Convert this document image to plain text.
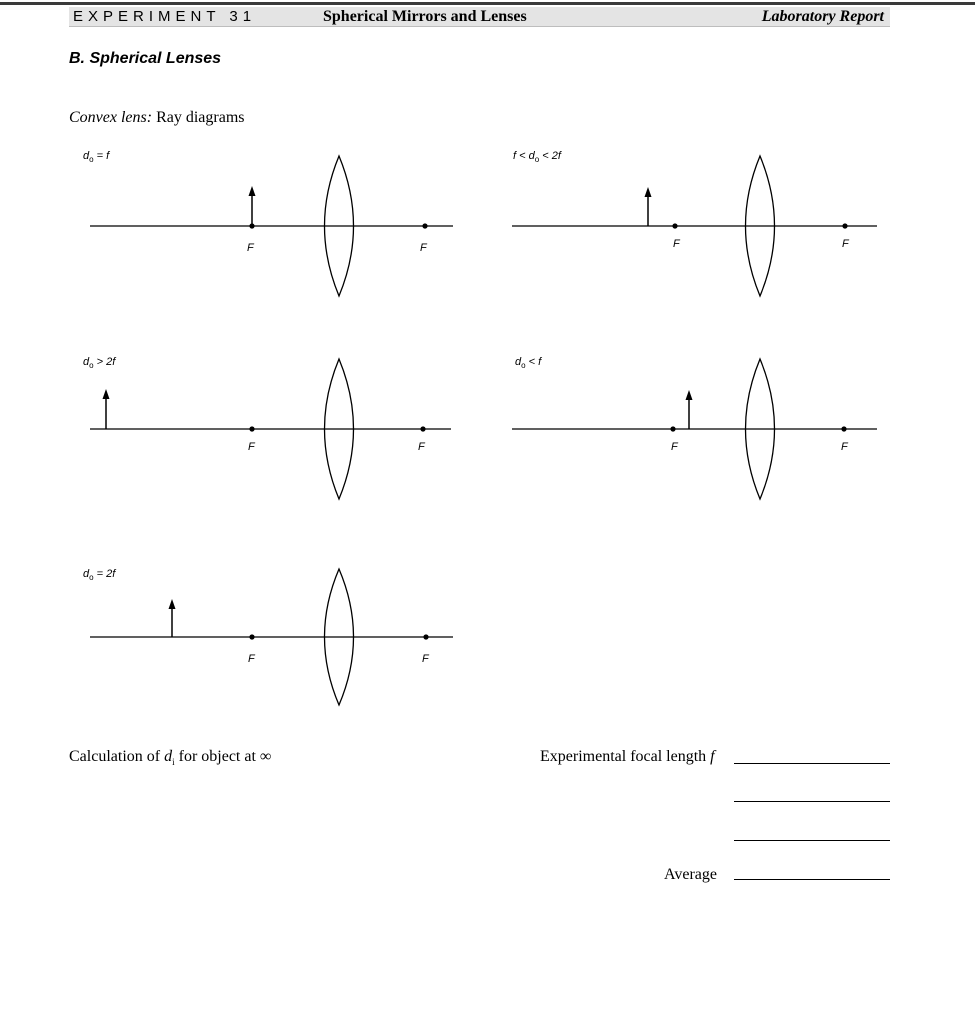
EXPERIMENT 31	Spherical Mirrors and Lenses	Laboratory Report
B. Spherical Lenses
Convex lens: Ray diagrams
$d_o = f$
F	F
$f < d_o < 2f$
F	F
$d_o > 2f$
F	F
$d_o < f$
F	F
$d_o = 2f$
F	F
Calculation of $d_i$ for object at ∞	Experimental focal length f
Average
